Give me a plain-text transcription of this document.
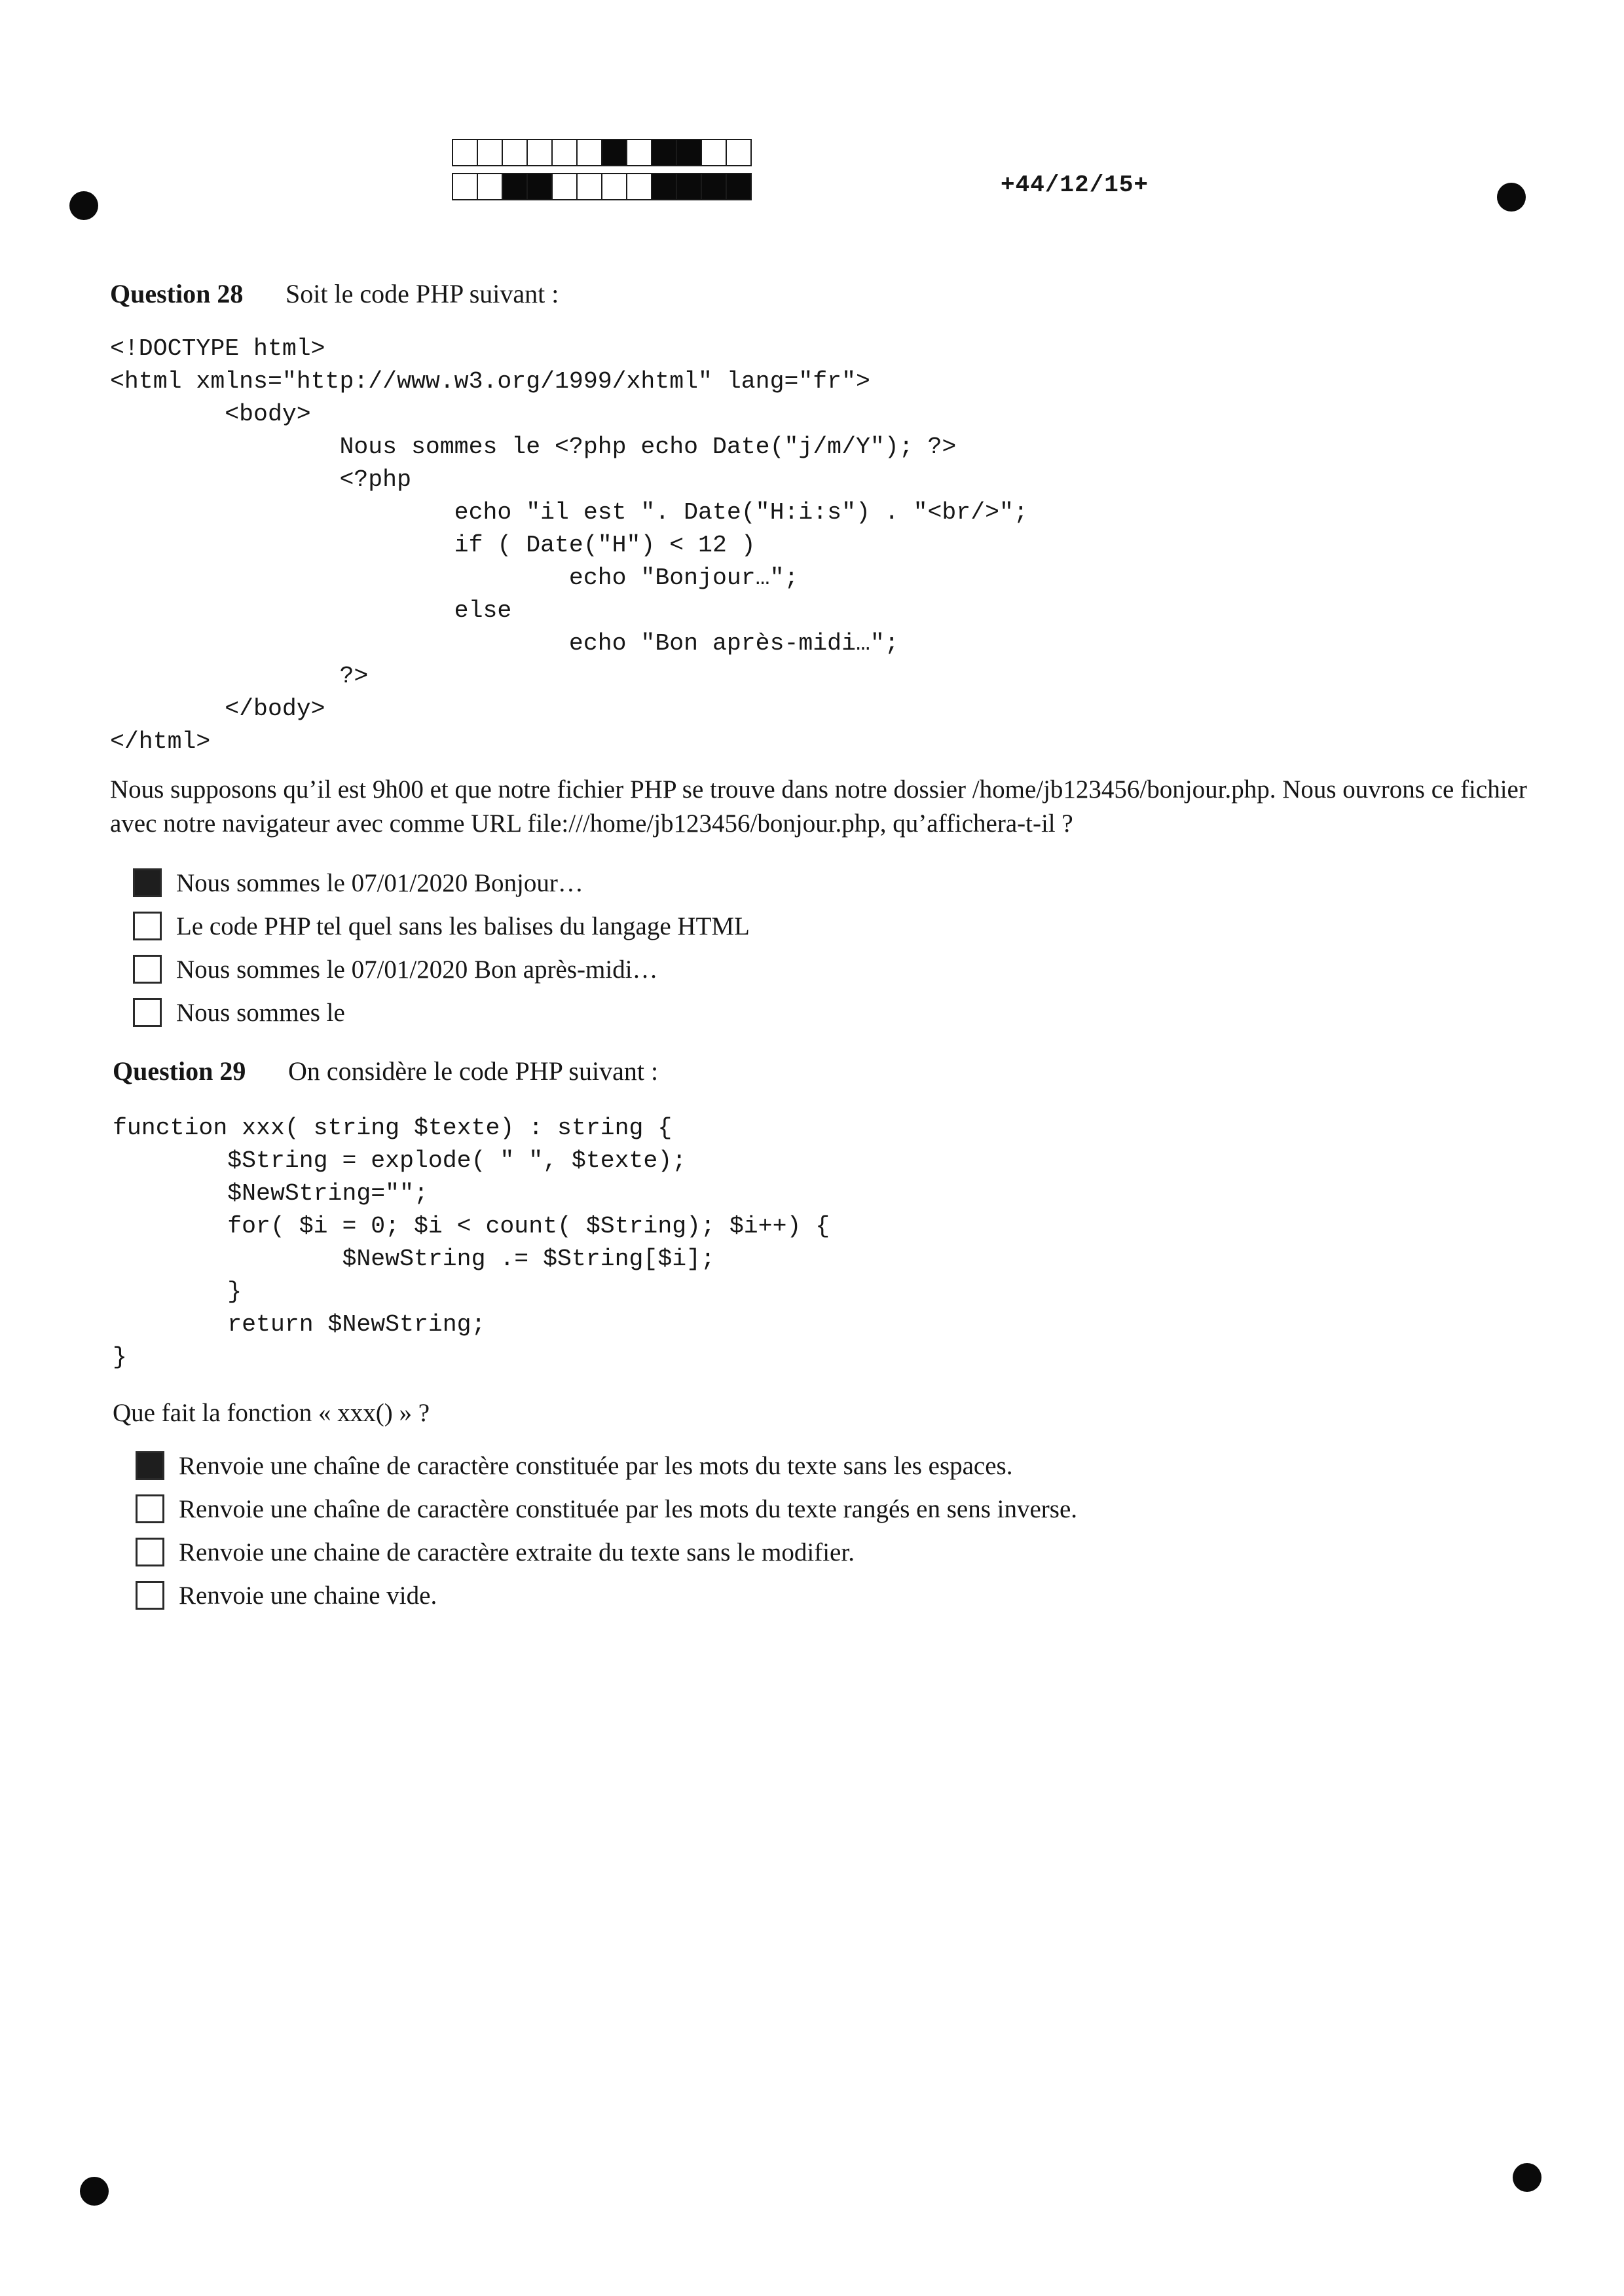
+44/12/15+
Question 28	Soit le code PHP suivant :
<!DOCTYPE html>
<html xmlns="http://www.w3.org/1999/xhtml" lang="fr">
<body>
Nous sommes le <?php echo Date("j/m/Y"); ?>
<?php
echo "il est ". Date("H:i:s") . "<br/>";
if ( Date("H") < 12 )
echo "Bonjour…";
else
echo "Bon après-midi…";
?>
</body>
</html>
Nous supposons qu’il est 9h00 et que notre fichier PHP se trouve dans notre dossier /home/jb123456/bonjour.php. Nous ouvrons ce fichier avec notre navigateur avec comme URL file:///home/jb123456/bonjour.php, qu’affichera-t-il ?
Nous sommes le 07/01/2020 Bonjour…
Le code PHP tel quel sans les balises du langage HTML
Nous sommes le 07/01/2020 Bon après-midi…
Nous sommes le
Question 29	On considère le code PHP suivant :
function xxx( string $texte) : string {
$String = explode( " ", $texte);
$NewString="";
for( $i = 0; $i < count( $String); $i++) {
$NewString .= $String[$i];
}
return $NewString;
}
Que fait la fonction « xxx() » ?
Renvoie une chaîne de caractère constituée par les mots du texte sans les espaces.
Renvoie une chaîne de caractère constituée par les mots du texte rangés en sens inverse.
Renvoie une chaine de caractère extraite du texte sans le modifier.
Renvoie une chaine vide.
